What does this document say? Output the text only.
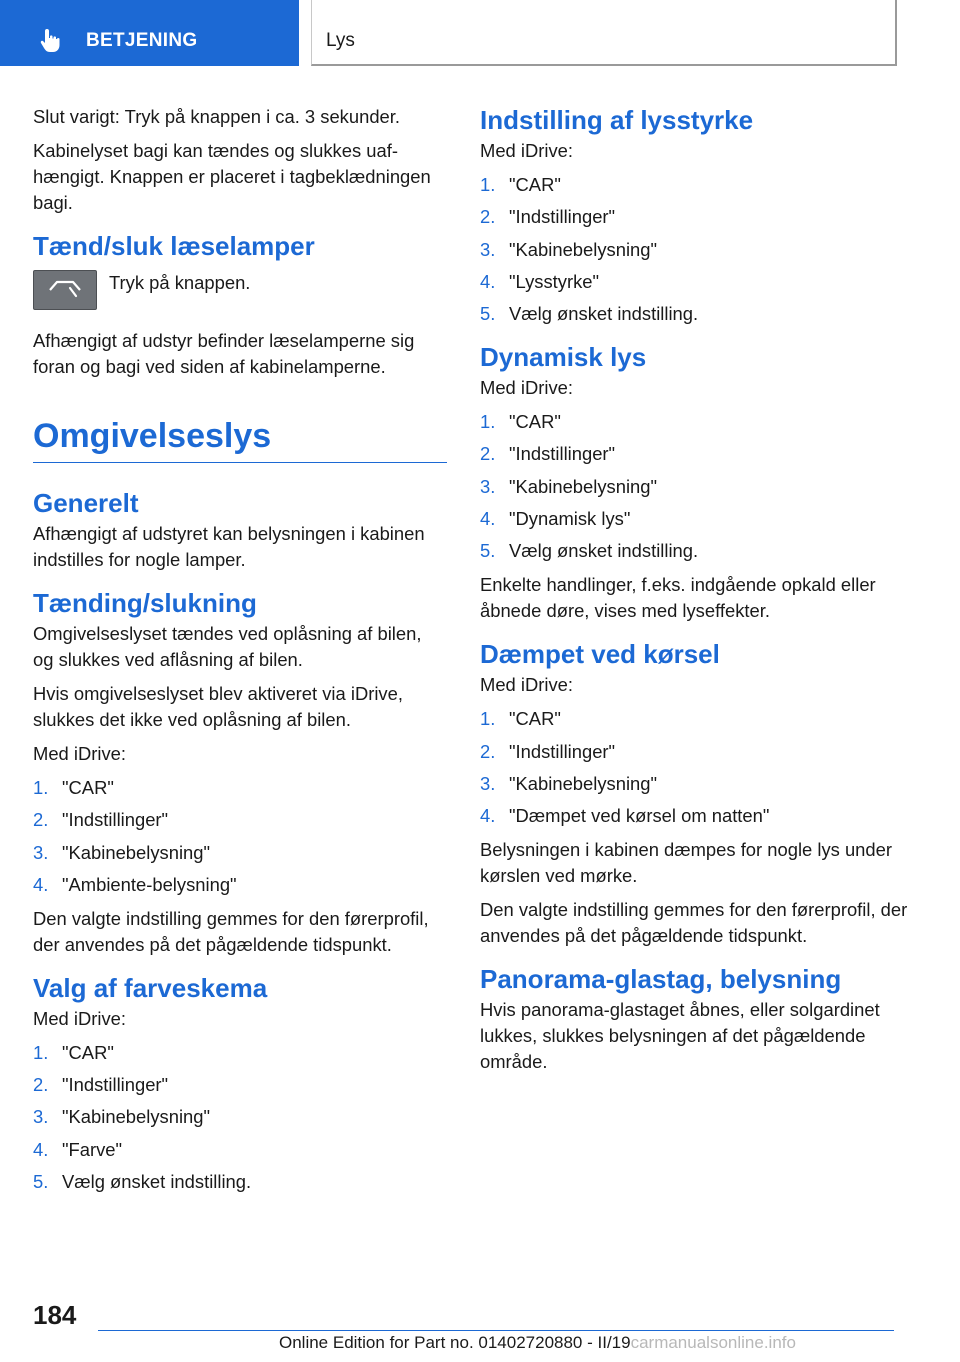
BETJENING	Lys

Slut varigt: Tryk på knappen i ca. 3 sekunder.

Kabinelyset bagi kan tændes og slukkes uafhængigt. Knappen er placeret i tagbeklædningen bagi.

Tænd/sluk læselamper
Tryk på knappen.

Afhængigt af udstyr befinder læselamperne sig foran og bagi ved siden af kabinelamperne.

Omgivelseslys
Generelt

Afhængigt af udstyret kan belysningen i kabinen indstilles for nogle lamper.

Tænding/slukning

Omgivelseslyset tændes ved oplåsning af bilen, og slukkes ved aflåsning af bilen.

Hvis omgivelseslyset blev aktiveret via iDrive, slukkes det ikke ved oplåsning af bilen.

Med iDrive:

1. "CAR"
2. "Indstillinger"
3. "Kabinebelysning"
4. "Ambiente-belysning"

Den valgte indstilling gemmes for den førerprofil, der anvendes på det pågældende tidspunkt.

Valg af farveskema

Med iDrive:

1. "CAR"
2. "Indstillinger"
3. "Kabinebelysning"
4. "Farve"
5. Vælg ønsket indstilling.
Indstilling af lysstyrke

Med iDrive:

1. "CAR"
2. "Indstillinger"
3. "Kabinebelysning"
4. "Lysstyrke"
5. Vælg ønsket indstilling.
Dynamisk lys

Med iDrive:

1. "CAR"
2. "Indstillinger"
3. "Kabinebelysning"
4. "Dynamisk lys"
5. Vælg ønsket indstilling.

Enkelte handlinger, f.eks. indgående opkald eller åbnede døre, vises med lyseffekter.

Dæmpet ved kørsel

Med iDrive:

1. "CAR"
2. "Indstillinger"
3. "Kabinebelysning"
4. "Dæmpet ved kørsel om natten"

Belysningen i kabinen dæmpes for nogle lys under kørslen ved mørke.

Den valgte indstilling gemmes for den førerprofil, der anvendes på det pågældende tidspunkt.

Panorama-glastag, belysning

Hvis panorama-glastaget åbnes, eller solgardinet lukkes, slukkes belysningen af det pågældende område.

184
Online Edition for Part no. 01402720880 - II/19carmanualsonline.info
